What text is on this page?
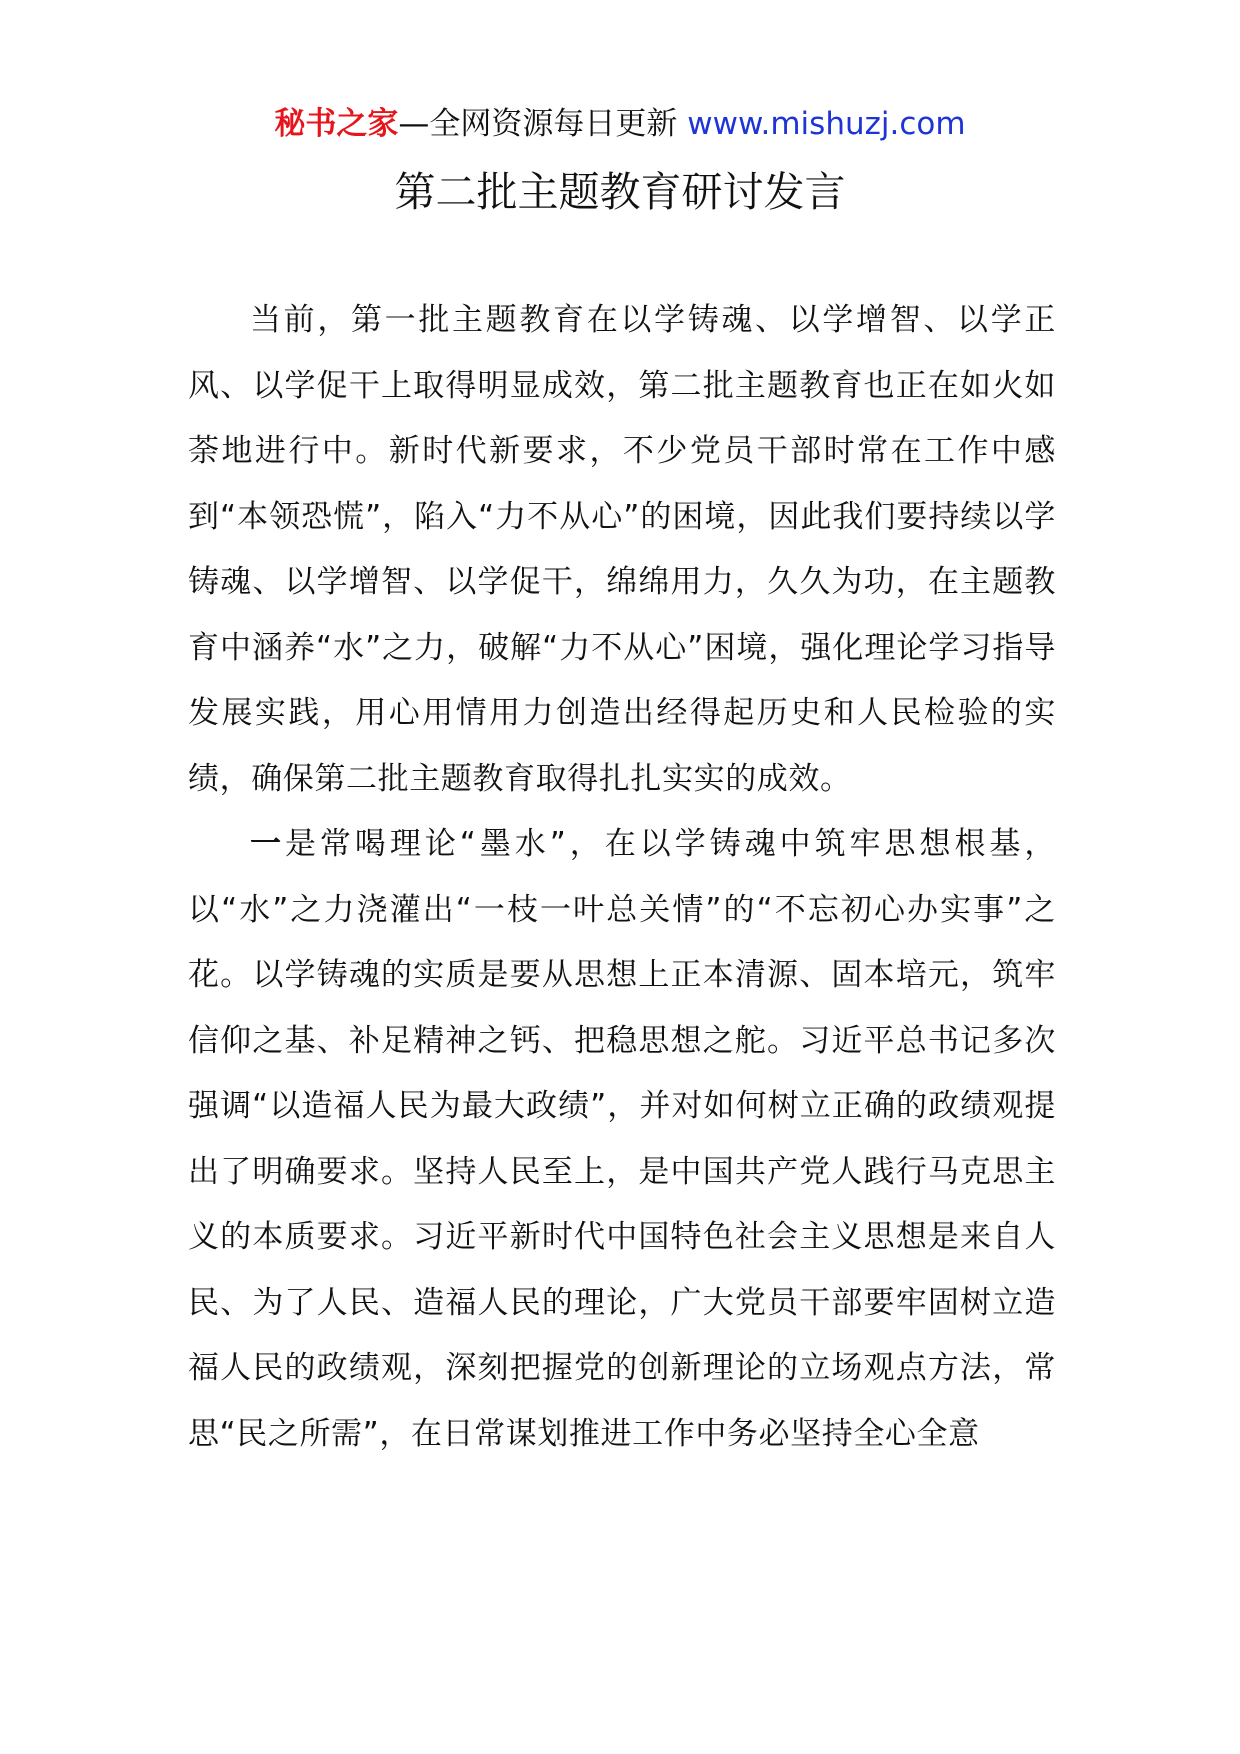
秘书之家—全网资源每日更新 www.mishuzj.com
第二批主题教育研讨发言

当前，第一批主题教育在以学铸魂、以学增智、以学正风、以学促干上取得明显成效，第二批主题教育也正在如火如荼地进行中。新时代新要求，不少党员干部时常在工作中感到“本领恐慌”，陷入“力不从心”的困境，因此我们要持续以学铸魂、以学增智、以学促干，绵绵用力，久久为功，在主题教育中涵养“水”之力，破解“力不从心”困境，强化理论学习指导发展实践，用心用情用力创造出经得起历史和人民检验的实绩，确保第二批主题教育取得扎扎实实的成效。

一是常喝理论“墨水”，在以学铸魂中筑牢思想根基，以“水”之力浇灌出“一枝一叶总关情”的“不忘初心办实事”之花。以学铸魂的实质是要从思想上正本清源、固本培元，筑牢信仰之基、补足精神之钙、把稳思想之舵。习近平总书记多次强调“以造福人民为最大政绩”，并对如何树立正确的政绩观提出了明确要求。坚持人民至上，是中国共产党人践行马克思主义的本质要求。习近平新时代中国特色社会主义思想是来自人民、为了人民、造福人民的理论，广大党员干部要牢固树立造福人民的政绩观，深刻把握党的创新理论的立场观点方法，常思“民之所需”，在日常谋划推进工作中务必坚持全心全意
